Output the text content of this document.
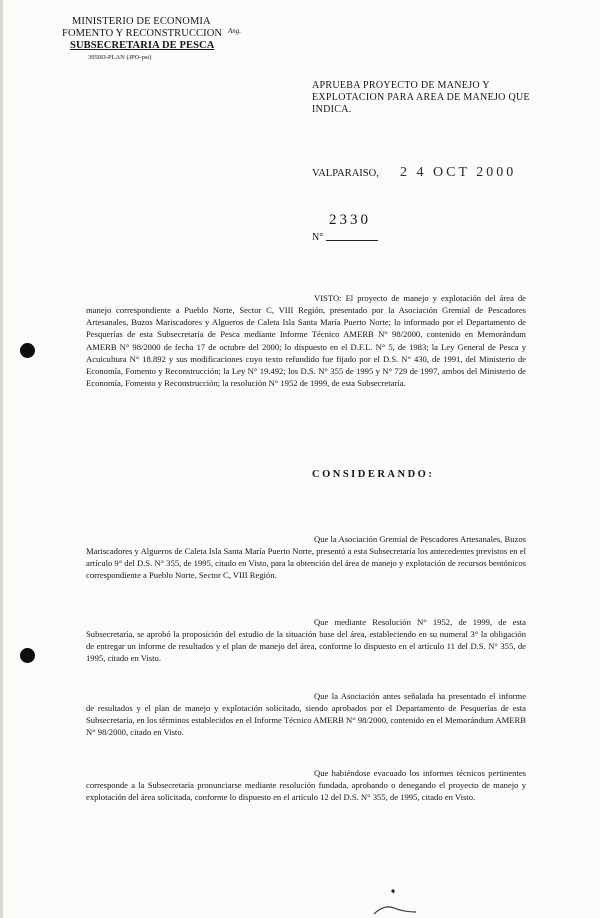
MINISTERIO DE ECONOMIA
FOMENTO Y RECONSTRUCCION Ang.
SUBSECRETARIA DE PESCA
3950D-PLAN (JPO-pst)
APRUEBA PROYECTO DE MANEJO Y EXPLOTACION PARA AREA DE MANEJO QUE INDICA.
VALPARAISO, 2 4 OCT 2000
N°
2330
VISTO: El proyecto de manejo y explotación del área de manejo correspondiente a Pueblo Norte, Sector C, VIII Región, presentado por la Asociación Gremial de Pescadores Artesanales, Buzos Mariscadores y Algueros de Caleta Isla Santa María Puerto Norte; lo informado por el Departamento de Pesquerías de esta Subsecretaría de Pesca mediante Informe Técnico AMERB N° 98/2000, contenido en Memorándum AMERB N° 98/2000 de fecha 17 de octubre del 2000; lo dispuesto en el D.F.L. N° 5, de 1983; la Ley General de Pesca y Acuicultura N° 18.892 y sus modificaciones cuyo texto refundido fue fijado por el D.S. N° 430, de 1991, del Ministerio de Economía, Fomento y Reconstrucción; la Ley N° 19.492; los D.S. N° 355 de 1995 y N° 729 de 1997, ambos del Ministerio de Economía, Fomento y Reconstrucción; la resolución N° 1952 de 1999, de esta Subsecretaría.
CONSIDERANDO:
Que la Asociación Gremial de Pescadores Artesanales, Buzos Mariscadores y Algueros de Caleta Isla Santa María Puerto Norte, presentó a esta Subsecretaría los antecedentes previstos en el artículo 9° del D.S. N° 355, de 1995, citado en Visto, para la obtención del área de manejo y explotación de recursos bentónicos correspondiente a Pueblo Norte, Sector C, VIII Región.
Que mediante Resolución N° 1952, de 1999, de esta Subsecretaría, se aprobó la proposición del estudio de la situación base del área, estableciendo en su numeral 3° la obligación de entregar un informe de resultados y el plan de manejo del área, conforme lo dispuesto en el artículo 11 del D.S. N° 355, de 1995, citado en Visto.
Que la Asociación antes señalada ha presentado el informe de resultados y el plan de manejo y explotación solicitado, siendo aprobados por el Departamento de Pesquerías de esta Subsecretaría, en los términos establecidos en el Informe Técnico AMERB N° 98/2000, contenido en el Memorándum AMERB N° 98/2000, citado en Visto.
Que habiéndose evacuado los informes técnicos pertinentes corresponde a la Subsecretaría pronunciarse mediante resolución fundada, aprobando o denegando el proyecto de manejo y explotación del área solicitada, conforme lo dispuesto en el artículo 12 del D.S. N° 355, de 1995, citado en Visto.
